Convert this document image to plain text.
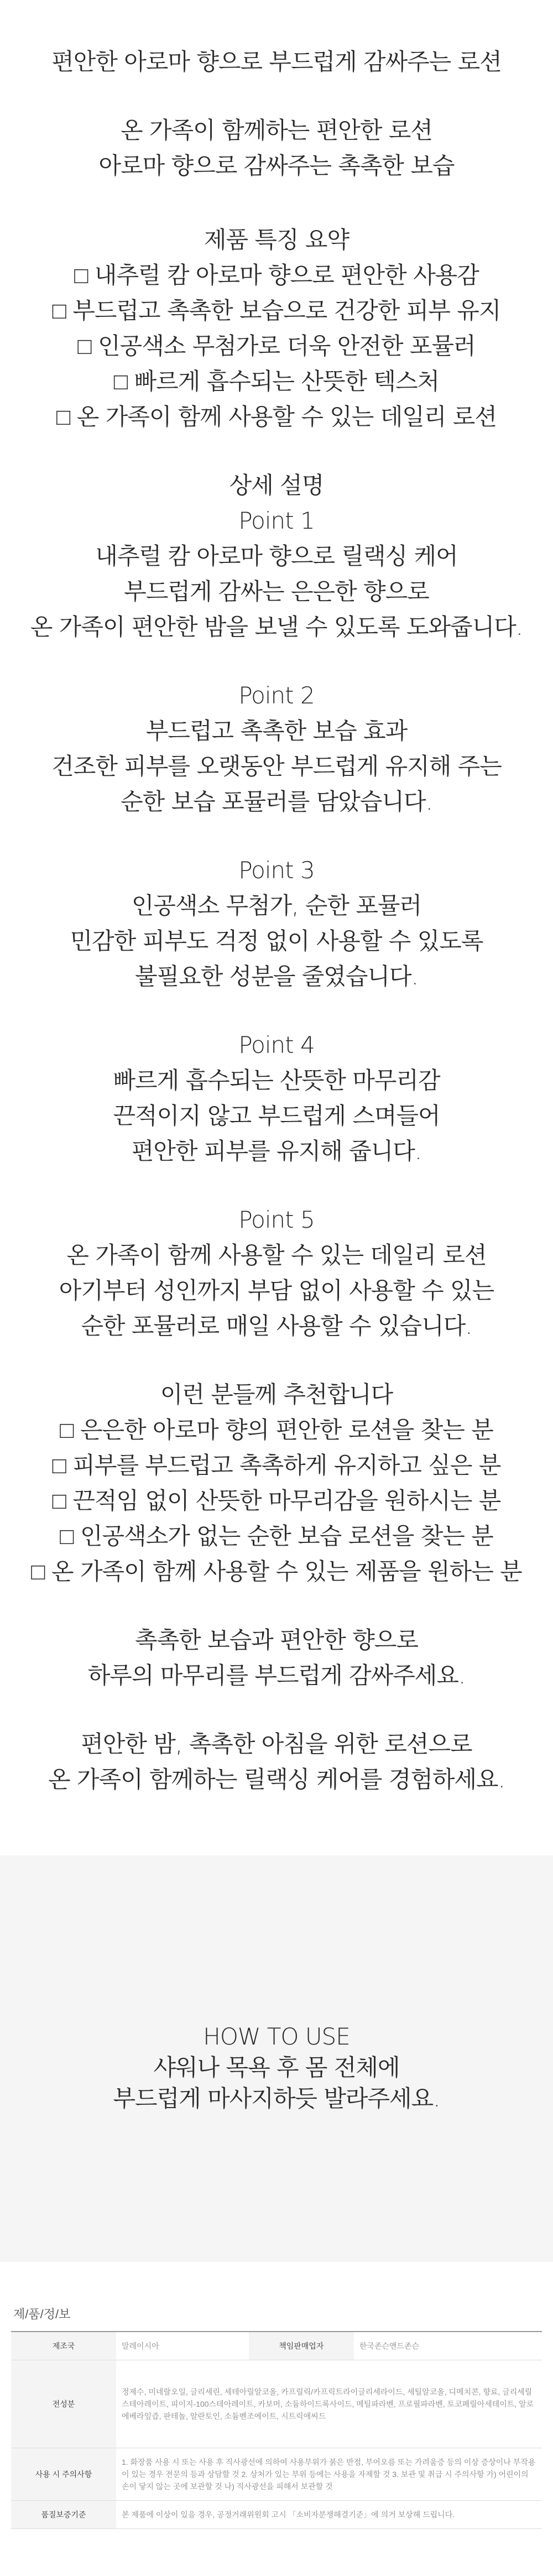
편안한 아로마 향으로 부드럽게 감싸주는 로션
온 가족이 함께하는 편안한 로션
아로마 향으로 감싸주는 촉촉한 보습
제품 특징 요약
□ 내추럴 캄 아로마 향으로 편안한 사용감
□ 부드럽고 촉촉한 보습으로 건강한 피부 유지
□ 인공색소 무첨가로 더욱 안전한 포뮬러
□ 빠르게 흡수되는 산뜻한 텍스처
□ 온 가족이 함께 사용할 수 있는 데일리 로션
상세 설명
Point 1
내추럴 캄 아로마 향으로 릴랙싱 케어
부드럽게 감싸는 은은한 향으로
온 가족이 편안한 밤을 보낼 수 있도록 도와줍니다.
Point 2
부드럽고 촉촉한 보습 효과
건조한 피부를 오랫동안 부드럽게 유지해 주는
순한 보습 포뮬러를 담았습니다.
Point 3
인공색소 무첨가, 순한 포뮬러
민감한 피부도 걱정 없이 사용할 수 있도록
불필요한 성분을 줄였습니다.
Point 4
빠르게 흡수되는 산뜻한 마무리감
끈적이지 않고 부드럽게 스며들어
편안한 피부를 유지해 줍니다.
Point 5
온 가족이 함께 사용할 수 있는 데일리 로션
아기부터 성인까지 부담 없이 사용할 수 있는
순한 포뮬러로 매일 사용할 수 있습니다.
이런 분들께 추천합니다
□ 은은한 아로마 향의 편안한 로션을 찾는 분
□ 피부를 부드럽고 촉촉하게 유지하고 싶은 분
□ 끈적임 없이 산뜻한 마무리감을 원하시는 분
□ 인공색소가 없는 순한 보습 로션을 찾는 분
□ 온 가족이 함께 사용할 수 있는 제품을 원하는 분
촉촉한 보습과 편안한 향으로
하루의 마무리를 부드럽게 감싸주세요.
편안한 밤, 촉촉한 아침을 위한 로션으로
온 가족이 함께하는 릴랙싱 케어를 경험하세요.
HOW TO USE
샤워나 목욕 후 몸 전체에
부드럽게 마사지하듯 발라주세요.
제/품/정/보
제조국	말레이시아	책임판매업자	한국존슨앤드존슨
전성분	정제수, 미네랄오일, 글리세린, 세테아릴알코올, 카프릴릭/카프릭트라이글리세라이드, 세틸알코올, 디메치콘, 향료, 글리세릴스테아레이트, 피이지-100스테아레이트, 카보머, 소듐하이드록사이드, 메틸파라벤, 프로필파라벤, 토코페릴아세테이트, 알로에베라잎즙, 판테놀, 알란토인, 소듐벤조에이트, 시트릭애씨드		
사용 시 주의사항	1. 화장품 사용 시 또는 사용 후 직사광선에 의하여 사용부위가 붉은 반점, 부어오름 또는 가려움증 등의 이상 증상이나 부작용이 있는 경우 전문의 등과 상담할 것 2. 상처가 있는 부위 등에는 사용을 자제할 것 3. 보관 및 취급 시 주의사항 가) 어린이의 손이 닿지 않는 곳에 보관할 것 나) 직사광선을 피해서 보관할 것		
품질보증기준	본 제품에 이상이 있을 경우, 공정거래위원회 고시 「소비자분쟁해결기준」에 의거 보상해 드립니다.		
